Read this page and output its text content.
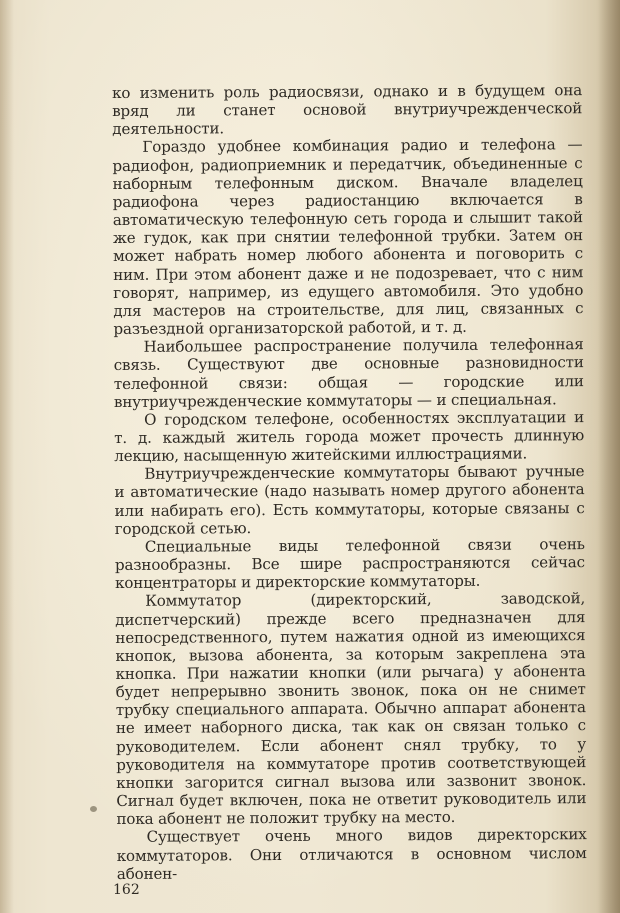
ко изменить роль радиосвязи, однако и в будущем она вряд ли станет основой внутриучрежденческой деятельности.

Гораздо удобнее комбинация радио и телефона — радиофон, радиоприемник и передатчик, объединенные с наборным телефонным диском. Вначале владелец радиофона через радиостанцию включается в автоматическую телефонную сеть города и слышит такой же гудок, как при снятии телефонной трубки. Затем он может набрать номер любого абонента и поговорить с ним. При этом абонент даже и не подозревает, что с ним говорят, например, из едущего автомобиля. Это удобно для мастеров на строительстве, для лиц, связанных с разъездной организаторской работой, и т. д.

Наибольшее распространение получила телефонная связь. Существуют две основные разновидности телефонной связи: общая — городские или внутриучрежденческие коммутаторы — и специальная.

О городском телефоне, особенностях эксплуатации и т. д. каждый житель города может прочесть длинную лекцию, насыщенную житейскими иллюстрациями.

Внутриучрежденческие коммутаторы бывают ручные и автоматические (надо называть номер другого абонента или набирать его). Есть коммутаторы, которые связаны с городской сетью.

Специальные виды телефонной связи очень разнообразны. Все шире распространяются сейчас концентраторы и директорские коммутаторы.

Коммутатор (директорский, заводской, диспетчерский) прежде всего предназначен для непосредственного, путем нажатия одной из имеющихся кнопок, вызова абонента, за которым закреплена эта кнопка. При нажатии кнопки (или рычага) у абонента будет непрерывно звонить звонок, пока он не снимет трубку специального аппарата. Обычно аппарат абонента не имеет наборного диска, так как он связан только с руководителем. Если абонент снял трубку, то у руководителя на коммутаторе против соответствующей кнопки загорится сигнал вызова или зазвонит звонок. Сигнал будет включен, пока не ответит руководитель или пока абонент не положит трубку на место.

Существует очень много видов директорских коммутаторов. Они отличаются в основном числом абонен-

162
